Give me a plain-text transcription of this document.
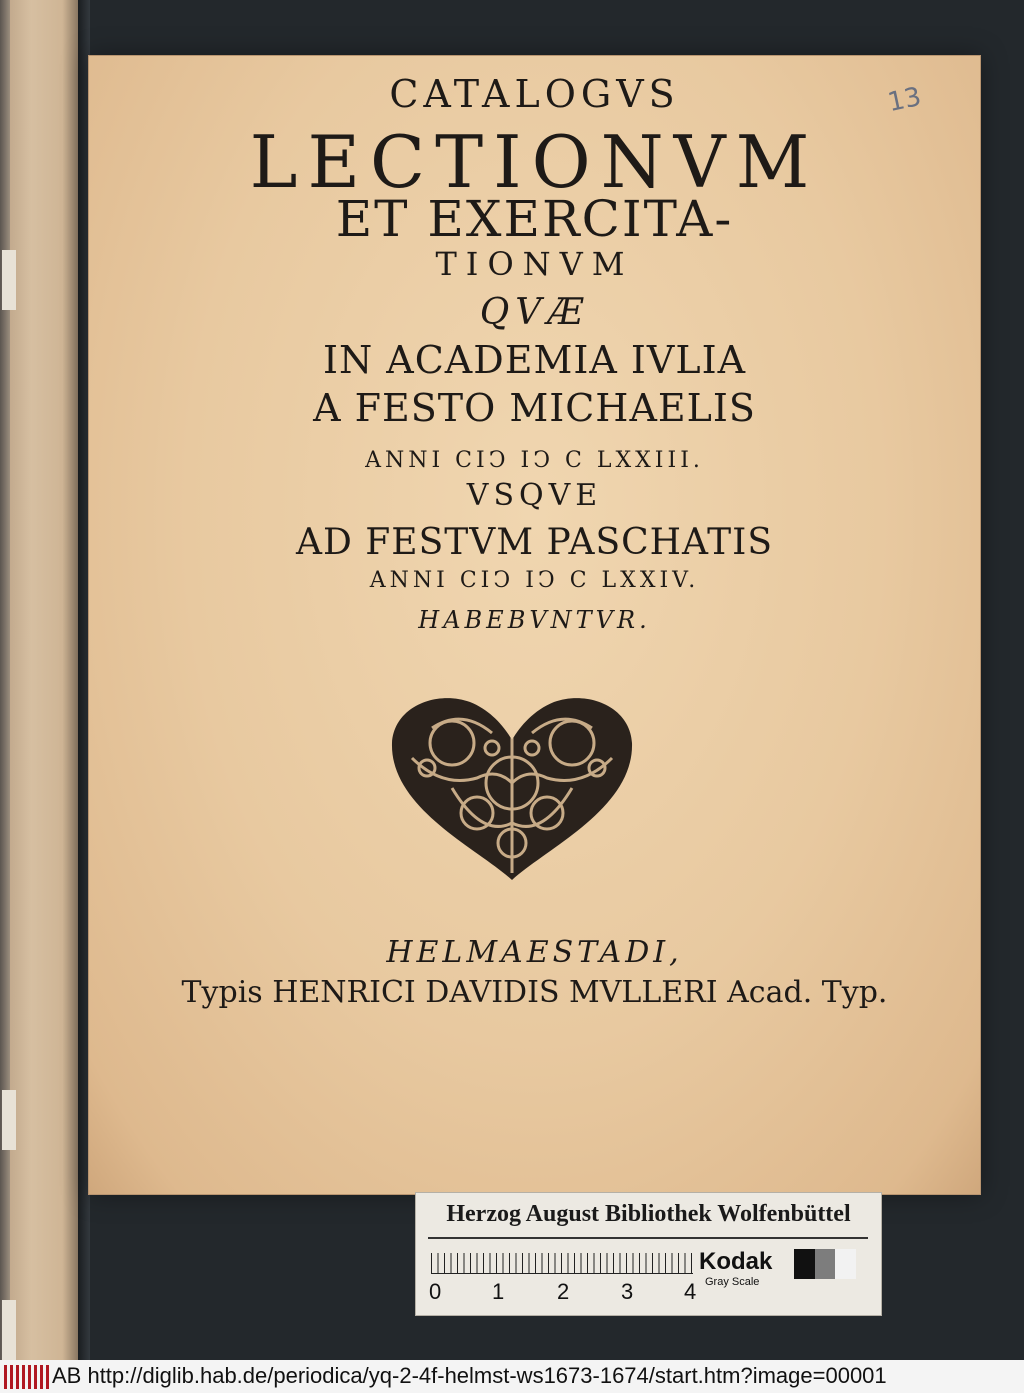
13
CATALOGVS
LECTIONVM
ET EXERCITA-
TIONVM
QVÆ
IN ACADEMIA IVLIA
A FESTO MICHAELIS
ANNI CIↃ IↃ C LXXIII.
VSQVE
AD FESTVM PASCHATIS
ANNI CIↃ IↃ C LXXIV.
HABEBVNTVR.
HELMAESTADI,
Typis HENRICI DAVIDIS MVLLERI Acad. Typ.
Herzog August Bibliothek Wolfenbüttel
0 1 2 3 4
Kodak
Gray Scale
AB http://diglib.hab.de/periodica/yq-2-4f-helmst-ws1673-1674/start.htm?image=00001
